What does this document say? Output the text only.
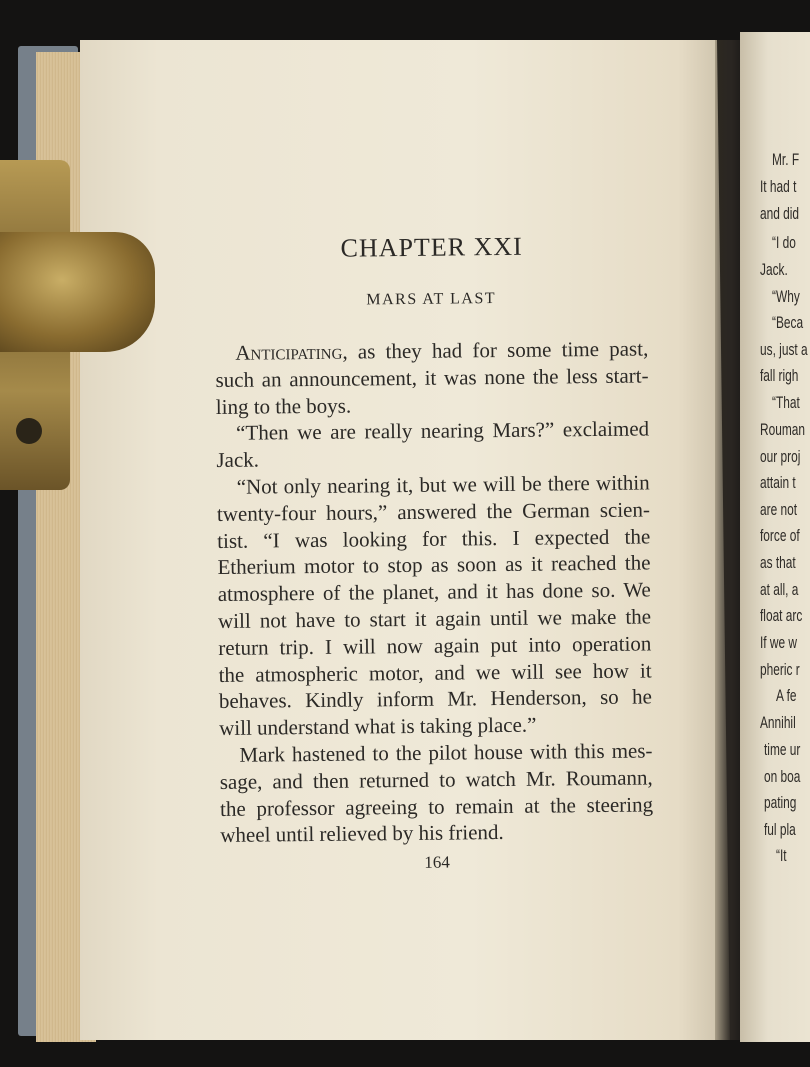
CHAPTER XXI
MARS AT LAST
Anticipating, as they had for some time past,
such an announcement, it was none the less start-
ling to the boys.
“Then we are really nearing Mars?” exclaimed
Jack.
“Not only nearing it, but we will be there within
twenty-four hours,” answered the German scien-
tist. “I was looking for this. I expected the
Etherium motor to stop as soon as it reached the
atmosphere of the planet, and it has done so. We
will not have to start it again until we make the
return trip. I will now again put into operation
the atmospheric motor, and we will see how it
behaves. Kindly inform Mr. Henderson, so he
will understand what is taking place.”
Mark hastened to the pilot house with this mes-
sage, and then returned to watch Mr. Roumann,
the professor agreeing to remain at the steering
wheel until relieved by his friend.
164
Mr. F
It had t
and did
“I do
Jack.
“Why
“Beca
us, just a
fall righ
“That
Rouman
our proj
attain t
are not
force of
as that
at all, a
float arc
If we w
pheric r
A fe
Annihil
time ur
on boa
pating
ful pla
“It
